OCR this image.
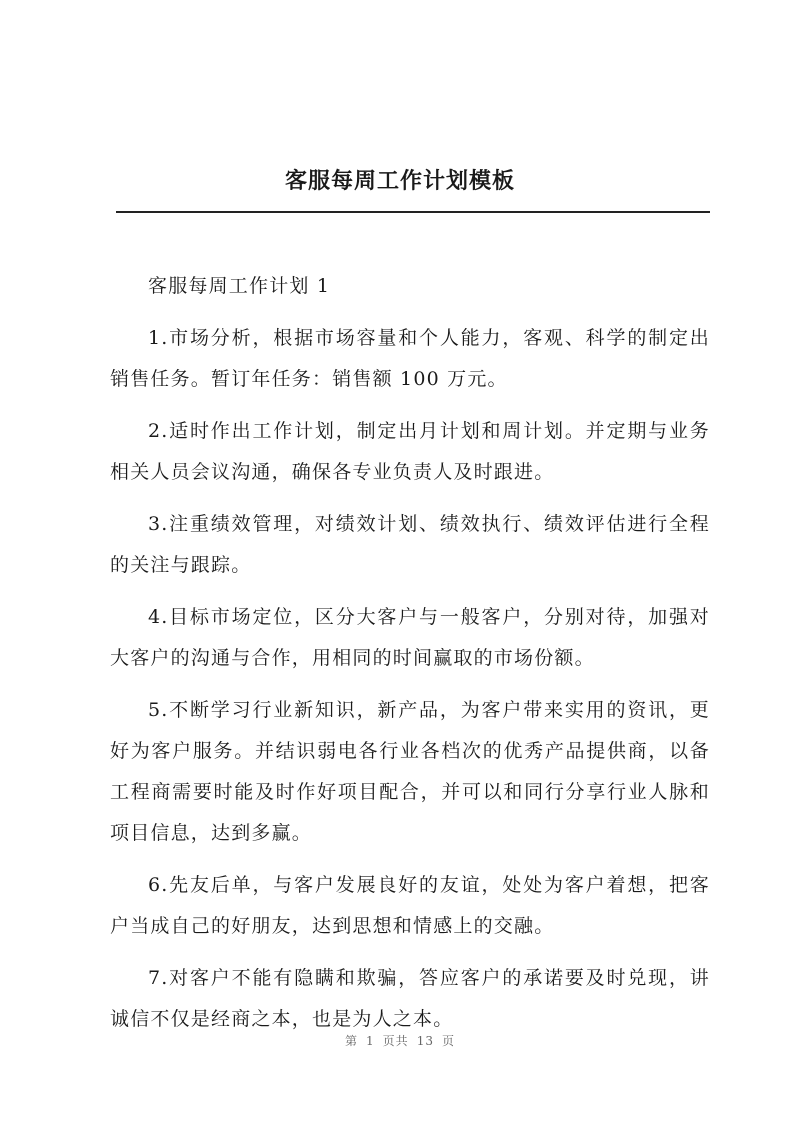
客服每周工作计划模板

客服每周工作计划 1

1.市场分析，根据市场容量和个人能力，客观、科学的制定出销售任务。暂订年任务：销售额 100 万元。

2.适时作出工作计划，制定出月计划和周计划。并定期与业务相关人员会议沟通，确保各专业负责人及时跟进。

3.注重绩效管理，对绩效计划、绩效执行、绩效评估进行全程的关注与跟踪。

4.目标市场定位，区分大客户与一般客户，分别对待，加强对大客户的沟通与合作，用相同的时间赢取的市场份额。

5.不断学习行业新知识，新产品，为客户带来实用的资讯，更好为客户服务。并结识弱电各行业各档次的优秀产品提供商，以备工程商需要时能及时作好项目配合，并可以和同行分享行业人脉和项目信息，达到多赢。

6.先友后单，与客户发展良好的友谊，处处为客户着想，把客户当成自己的好朋友，达到思想和情感上的交融。

7.对客户不能有隐瞒和欺骗，答应客户的承诺要及时兑现，讲诚信不仅是经商之本，也是为人之本。

第 1 页共 13 页
